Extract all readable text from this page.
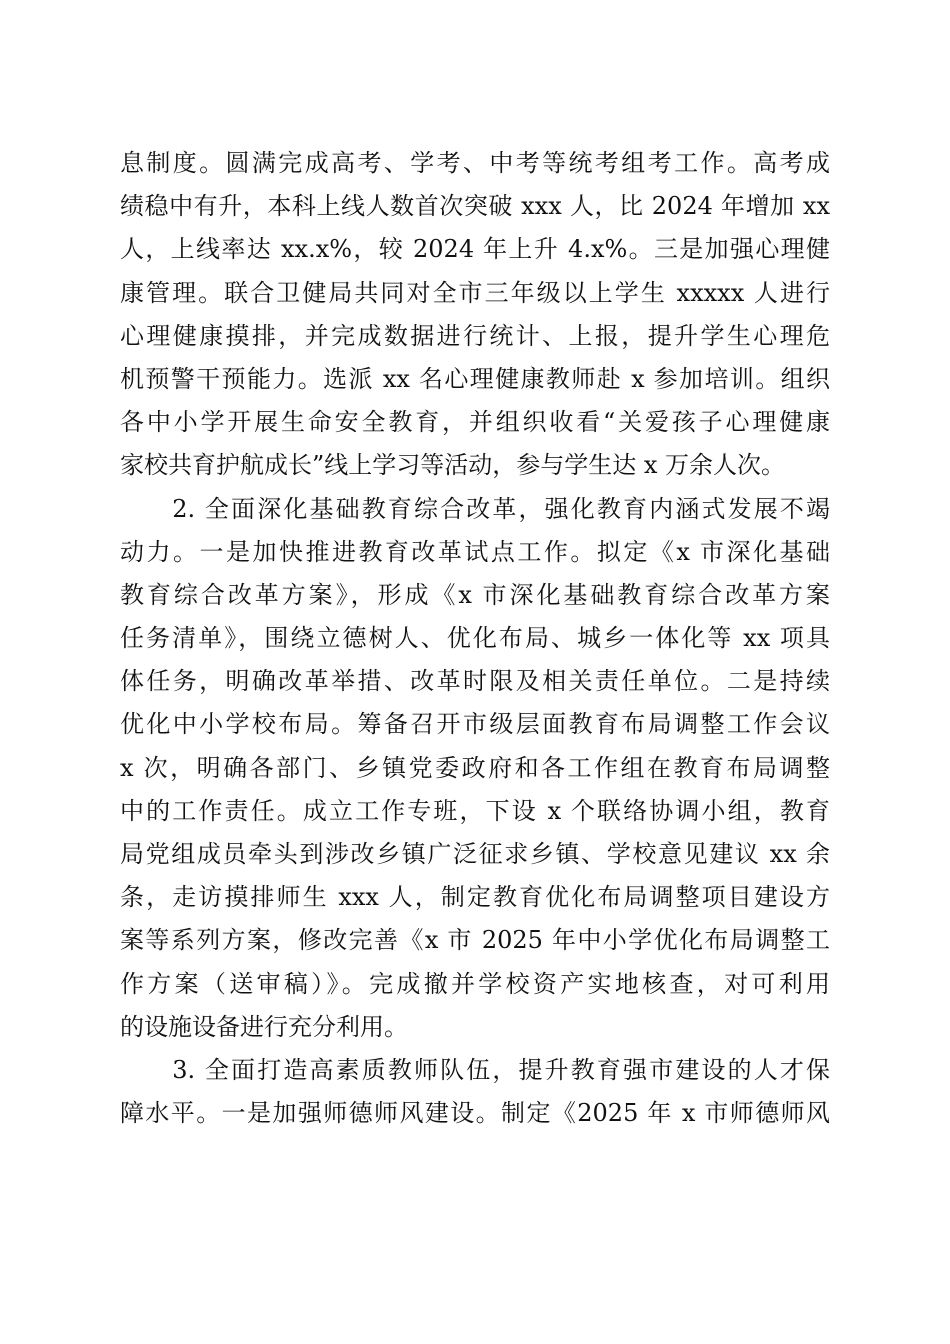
息制度。圆满完成高考、学考、中考等统考组考工作。高考成
绩稳中有升，本科上线人数首次突破 xxx 人，比 2024 年增加 xx
人，上线率达 xx.x%，较 2024 年上升 4.x%。三是加强心理健
康管理。联合卫健局共同对全市三年级以上学生 xxxxx 人进行
心理健康摸排，并完成数据进行统计、上报，提升学生心理危
机预警干预能力。选派 xx 名心理健康教师赴 x 参加培训。组织
各中小学开展生命安全教育，并组织收看“关爱孩子心理健康
家校共育护航成长”线上学习等活动，参与学生达 x 万余人次。
　　2. 全面深化基础教育综合改革，强化教育内涵式发展不竭
动力。一是加快推进教育改革试点工作。拟定《x 市深化基础
教育综合改革方案》，形成《x 市深化基础教育综合改革方案
任务清单》，围绕立德树人、优化布局、城乡一体化等 xx 项具
体任务，明确改革举措、改革时限及相关责任单位。二是持续
优化中小学校布局。筹备召开市级层面教育布局调整工作会议
x 次，明确各部门、乡镇党委政府和各工作组在教育布局调整
中的工作责任。成立工作专班，下设 x 个联络协调小组，教育
局党组成员牵头到涉改乡镇广泛征求乡镇、学校意见建议 xx 余
条，走访摸排师生 xxx 人，制定教育优化布局调整项目建设方
案等系列方案，修改完善《x 市 2025 年中小学优化布局调整工
作方案（送审稿）》。完成撤并学校资产实地核查，对可利用
的设施设备进行充分利用。
　　3. 全面打造高素质教师队伍，提升教育强市建设的人才保
障水平。一是加强师德师风建设。制定《2025 年 x 市师德师风
